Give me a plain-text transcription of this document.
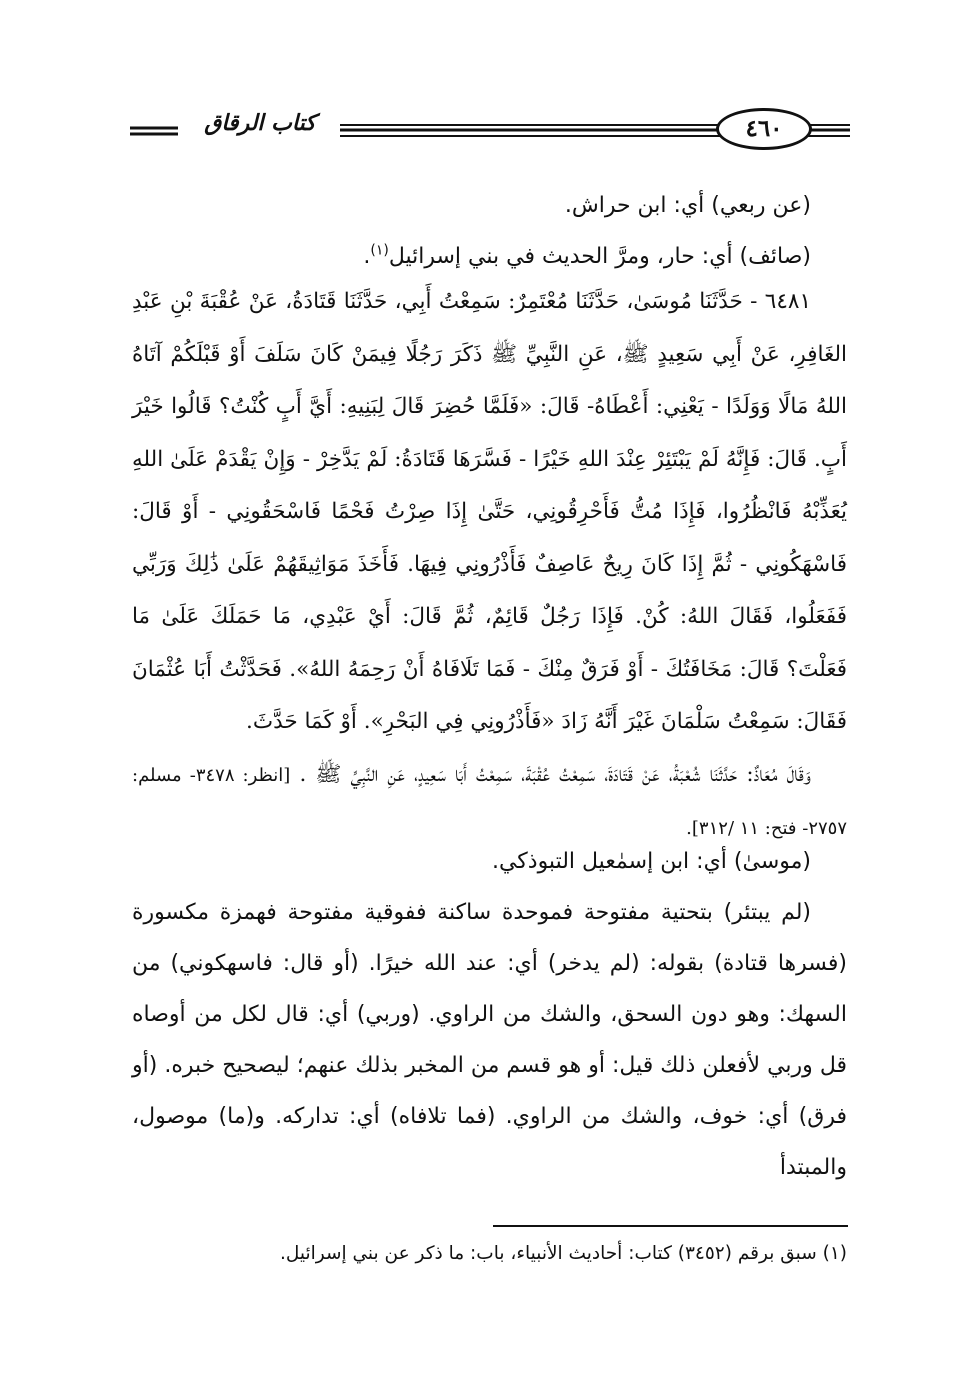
كتاب الرقاق	٤٦٠
(عن ربعي) أي: ابن حراش.
(صائف) أي: حار، ومرَّ الحديث في بني إسرائيل$^{(١)}$.
٦٤٨١ - حَدَّثَنَا مُوسَىٰ، حَدَّثَنَا مُعْتَمِرٌ: سَمِعْتُ أَبِي، حَدَّثَنَا قَتَادَةُ، عَنْ عُقْبَةَ بْنِ عَبْدِ الغَافِرِ، عَنْ أَبِي سَعِيدٍ ﷺ، عَنِ النَّبِيِّ ﷺ ذَكَرَ رَجُلًا فِيمَنْ كَانَ سَلَفَ أَوْ قَبْلَكُمْ آتَاهُ اللهُ مَالًا وَوَلَدًا - يَعْنِي: أَعْطَاهُ- قَالَ: «فَلَمَّا حُضِرَ قَالَ لِبَنِيهِ: أَيَّ أَبٍ كُنْتُ؟ قَالُوا خَيْرَ أَبٍ. قَالَ: فَإِنَّهُ لَمْ يَبْتَئِرْ عِنْدَ اللهِ خَيْرًا - فَسَّرَهَا قَتَادَةُ: لَمْ يَدَّخِرْ - وَإِنْ يَقْدَمْ عَلَىٰ اللهِ يُعَذِّبْهُ فَانْظُرُوا، فَإِذَا مُتُّ فَأَحْرِقُونِي، حَتَّىٰ إِذَا صِرْتُ فَحْمًا فَاسْحَقُونِي - أَوْ قَالَ: فَاسْهَكُونِي - ثُمَّ إِذَا كَانَ رِيحٌ عَاصِفٌ فَأَذْرُونِي فِيهَا. فَأَخَذَ مَوَاثِيقَهُمْ عَلَىٰ ذَٰلِكَ وَرَبِّي فَفَعَلُوا، فَقَالَ اللهُ: كُنْ. فَإِذَا رَجُلٌ قَائِمٌ، ثُمَّ قَالَ: أَيْ عَبْدِي، مَا حَمَلَكَ عَلَىٰ مَا فَعَلْتَ؟ قَالَ: مَخَافَتُكَ - أَوْ فَرَقٌ مِنْكَ - فَمَا تَلَافَاهُ أَنْ رَحِمَهُ اللهُ». فَحَدَّثْتُ أَبَا عُثْمَانَ فَقَالَ: سَمِعْتُ سَلْمَانَ غَيْرَ أَنَّهُ زَادَ «فَأَذْرُونِي فِي البَحْرِ». أَوْ كَمَا حَدَّثَ.
وَقَالَ مُعَاذٌ: حَدَّثَنَا شُعْبَةُ، عَنْ قَتَادَةَ، سَمِعْتُ عُقْبَةَ، سَمِعْتُ أَبَا سَعِيدٍ، عَنِ النَّبِيِّ ﷺ . [انظر: ٣٤٧٨- مسلم: ٢٧٥٧- فتح: ١١ /٣١٢].
(موسىٰ) أي: ابن إسمٰعيل التبوذكي.
(لم يبتئر) بتحتية مفتوحة فموحدة ساكنة ففوقية مفتوحة فهمزة مكسورة (فسرها قتادة) بقوله: (لم يدخر) أي: عند الله خيرًا. (أو قال: فاسهكوني) من السهك: وهو دون السحق، والشك من الراوي. (وربي) أي: قال لكل من أوصاه قل وربي لأفعلن ذلك قيل: أو هو قسم من المخبر بذلك عنهم؛ ليصحيح خبره. (أو فرق) أي: خوف، والشك من الراوي. (فما تلافاه) أي: تداركه. و(ما) موصول، والمبتدأ
(١) سبق برقم (٣٤٥٢) كتاب: أحاديث الأنبياء، باب: ما ذكر عن بني إسرائيل.
